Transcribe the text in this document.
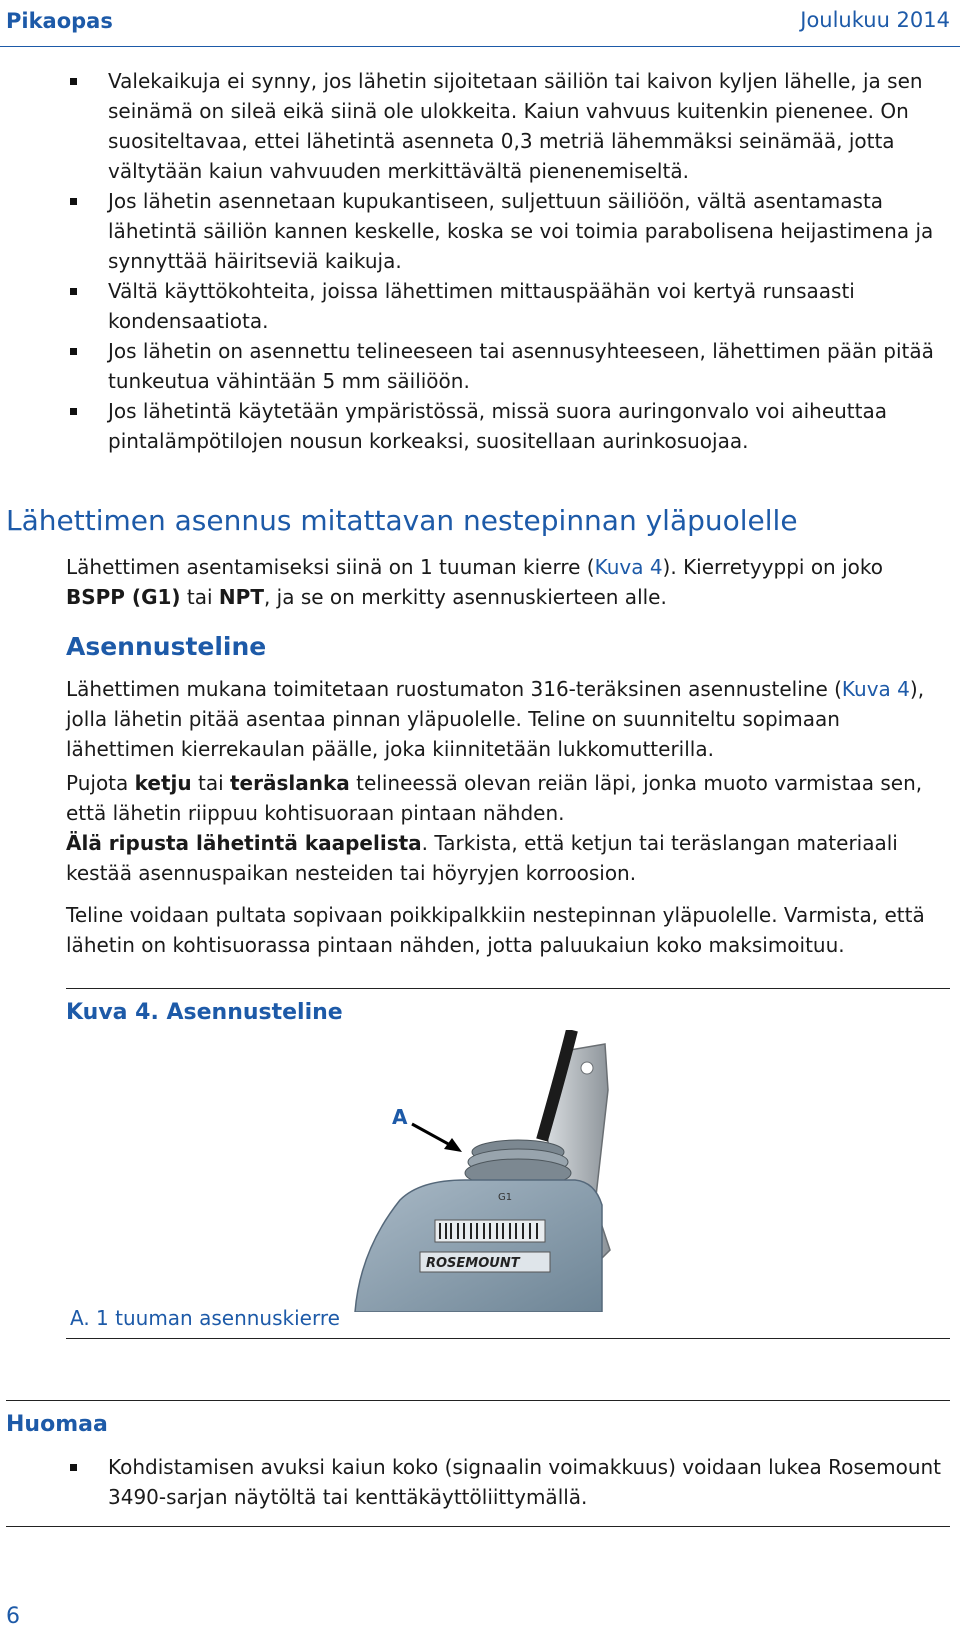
Pikaopas	Joulukuu 2014
Valekaikuja ei synny, jos lähetin sijoitetaan säiliön tai kaivon kyljen lähelle, ja sen seinämä on sileä eikä siinä ole ulokkeita. Kaiun vahvuus kuitenkin pienenee. On suositeltavaa, ettei lähetintä asenneta 0,3 metriä lähemmäksi seinämää, jotta vältytään kaiun vahvuuden merkittävältä pienenemiseltä.
Jos lähetin asennetaan kupukantiseen, suljettuun säiliöön, vältä asentamasta lähetintä säiliön kannen keskelle, koska se voi toimia parabolisena heijastimena ja synnyttää häiritseviä kaikuja.
Vältä käyttökohteita, joissa lähettimen mittauspäähän voi kertyä runsaasti kondensaatiota.
Jos lähetin on asennettu telineeseen tai asennusyhteeseen, lähettimen pään pitää tunkeutua vähintään 5 mm säiliöön.
Jos lähetintä käytetään ympäristössä, missä suora auringonvalo voi aiheuttaa pintalämpötilojen nousun korkeaksi, suositellaan aurinkosuojaa.
Lähettimen asennus mitattavan nestepinnan yläpuolelle
Lähettimen asentamiseksi siinä on 1 tuuman kierre (Kuva 4). Kierretyyppi on joko BSPP (G1) tai NPT, ja se on merkitty asennuskierteen alle.
Asennusteline
Lähettimen mukana toimitetaan ruostumaton 316-teräksinen asennusteline (Kuva 4), jolla lähetin pitää asentaa pinnan yläpuolelle. Teline on suunniteltu sopimaan lähettimen kierrekaulan päälle, joka kiinnitetään lukkomutterilla.
Pujota ketju tai teräslanka telineessä olevan reiän läpi, jonka muoto varmistaa sen, että lähetin riippuu kohtisuoraan pintaan nähden.
Älä ripusta lähetintä kaapelista. Tarkista, että ketjun tai teräslangan materiaali kestää asennuspaikan nesteiden tai höyryjen korroosion.
Teline voidaan pultata sopivaan poikkipalkkiin nestepinnan yläpuolelle. Varmista, että lähetin on kohtisuorassa pintaan nähden, jotta paluukaiun koko maksimoituu.
Kuva 4. Asennusteline
G1
ROSEMOUNT
A
A. 1 tuuman asennuskierre
Huomaa
Kohdistamisen avuksi kaiun koko (signaalin voimakkuus) voidaan lukea Rosemount 3490-sarjan näytöltä tai kenttäkäyttöliittymällä.
6
